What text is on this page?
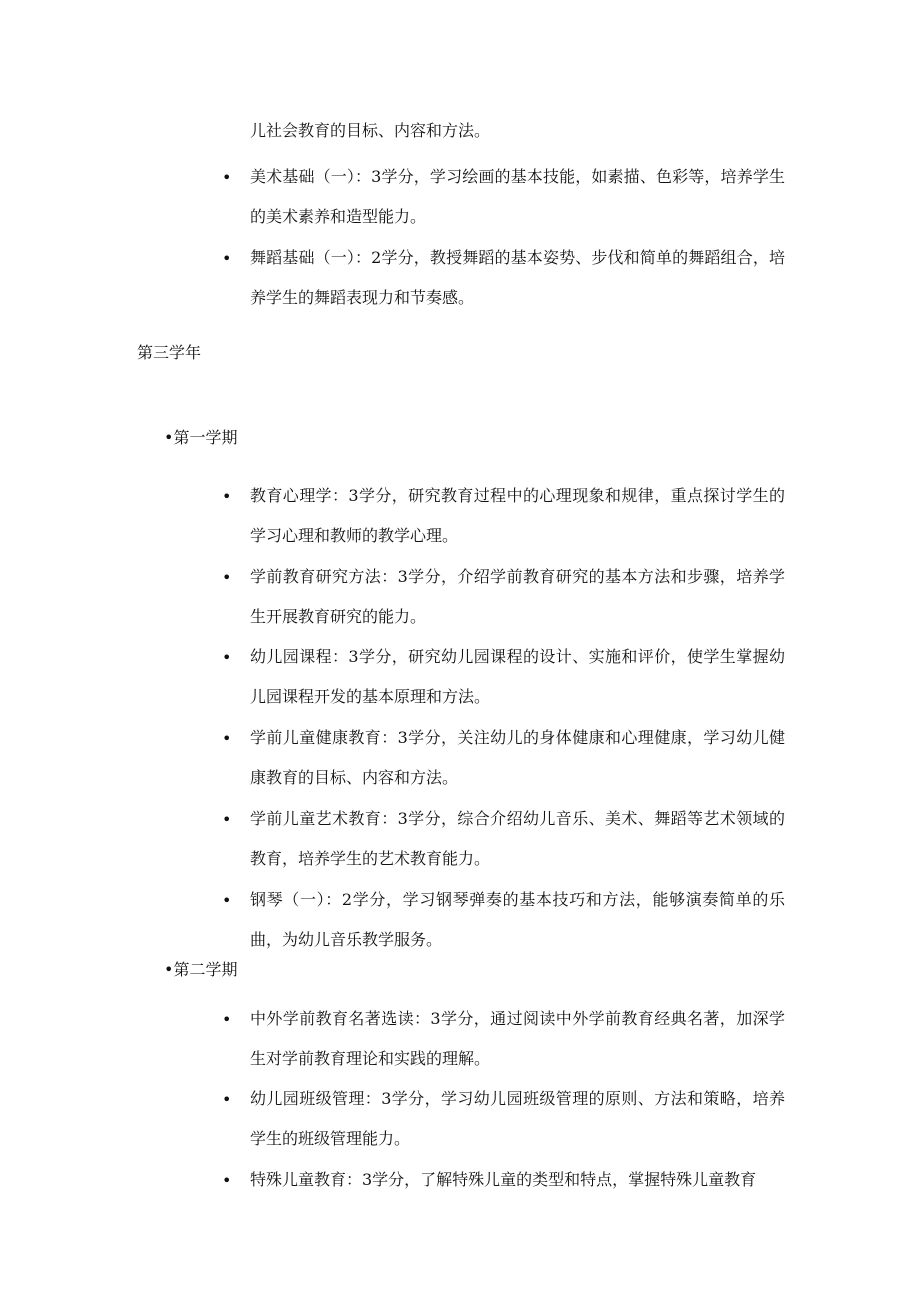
儿社会教育的目标、内容和方法。
• 美术基础（一）：3学分，学习绘画的基本技能，如素描、色彩等，培养学生的美术素养和造型能力。
• 舞蹈基础（一）：2学分，教授舞蹈的基本姿势、步伐和简单的舞蹈组合，培养学生的舞蹈表现力和节奏感。
第三学年
•第一学期
• 教育心理学：3学分，研究教育过程中的心理现象和规律，重点探讨学生的学习心理和教师的教学心理。
• 学前教育研究方法：3学分，介绍学前教育研究的基本方法和步骤，培养学生开展教育研究的能力。
• 幼儿园课程：3学分，研究幼儿园课程的设计、实施和评价，使学生掌握幼儿园课程开发的基本原理和方法。
• 学前儿童健康教育：3学分，关注幼儿的身体健康和心理健康，学习幼儿健康教育的目标、内容和方法。
• 学前儿童艺术教育：3学分，综合介绍幼儿音乐、美术、舞蹈等艺术领域的教育，培养学生的艺术教育能力。
• 钢琴（一）：2学分，学习钢琴弹奏的基本技巧和方法，能够演奏简单的乐曲，为幼儿音乐教学服务。
•第二学期
• 中外学前教育名著选读：3学分，通过阅读中外学前教育经典名著，加深学生对学前教育理论和实践的理解。
• 幼儿园班级管理：3学分，学习幼儿园班级管理的原则、方法和策略，培养学生的班级管理能力。
• 特殊儿童教育：3学分，了解特殊儿童的类型和特点，掌握特殊儿童教育
